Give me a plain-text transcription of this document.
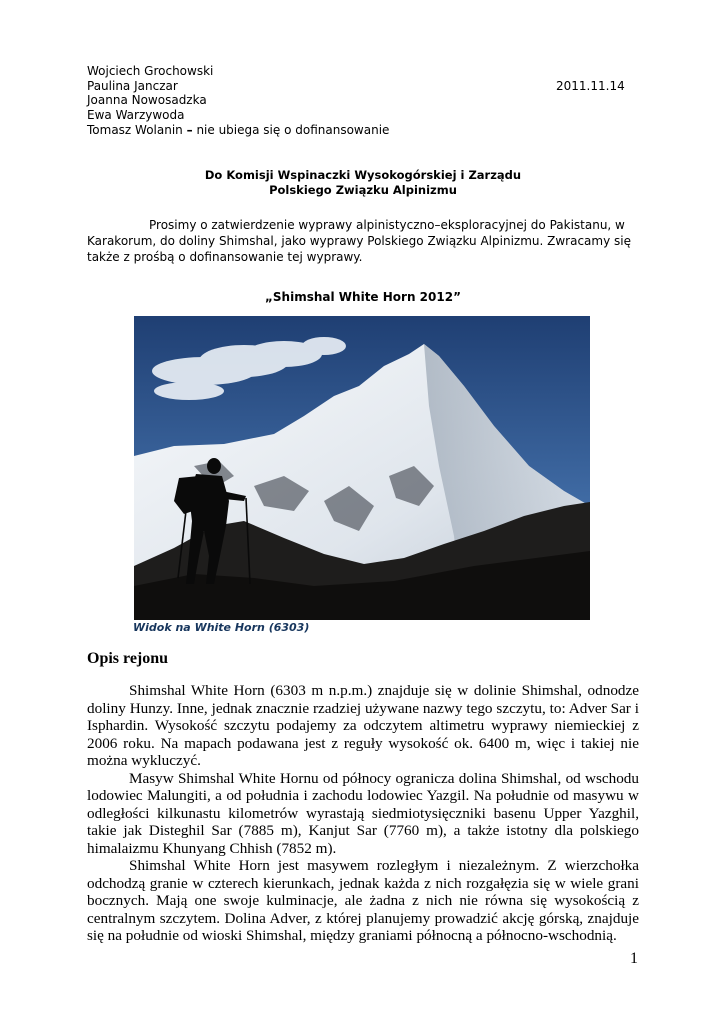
Wojciech Grochowski
Paulina Janczar
Joanna Nowosadzka
Ewa Warzywoda
Tomasz Wolanin – nie ubiega się o dofinansowanie
2011.11.14
Do Komisji Wspinaczki Wysokogórskiej i Zarządu
Polskiego Związku Alpinizmu

Prosimy o zatwierdzenie wyprawy alpinistyczno–eksploracyjnej do Pakistanu, w Karakorum, do doliny Shimshal, jako wyprawy Polskiego Związku Alpinizmu. Zwracamy się także z prośbą o dofinansowanie tej wyprawy.

„Shimshal White Horn 2012”
Widok na White Horn (6303)
Opis rejonu

Shimshal White Horn (6303 m n.p.m.) znajduje się w dolinie Shimshal, odnodze doliny Hunzy. Inne, jednak znacznie rzadziej używane nazwy tego szczytu, to: Adver Sar i Isphardin. Wysokość szczytu podajemy za odczytem altimetru wyprawy niemieckiej z 2006 roku. Na mapach podawana jest z reguły wysokość ok. 6400 m, więc i takiej nie można wykluczyć.

Masyw Shimshal White Hornu od północy ogranicza dolina Shimshal, od wschodu lodowiec Malungiti, a od południa i zachodu lodowiec Yazgil. Na południe od masywu w odległości kilkunastu kilometrów wyrastają siedmiotysięczniki basenu Upper Yazghil, takie jak Disteghil Sar (7885 m), Kanjut Sar (7760 m), a także istotny dla polskiego himalaizmu Khunyang Chhish (7852 m).

Shimshal White Horn jest masywem rozległym i niezależnym. Z wierzchołka odchodzą granie w czterech kierunkach, jednak każda z nich rozgałęzia się w wiele grani bocznych. Mają one swoje kulminacje, ale żadna z nich nie równa się wysokością z centralnym szczytem. Dolina Adver, z której planujemy prowadzić akcję górską, znajduje się na południe od wioski Shimshal, między graniami północną a północno-wschodnią.

1
